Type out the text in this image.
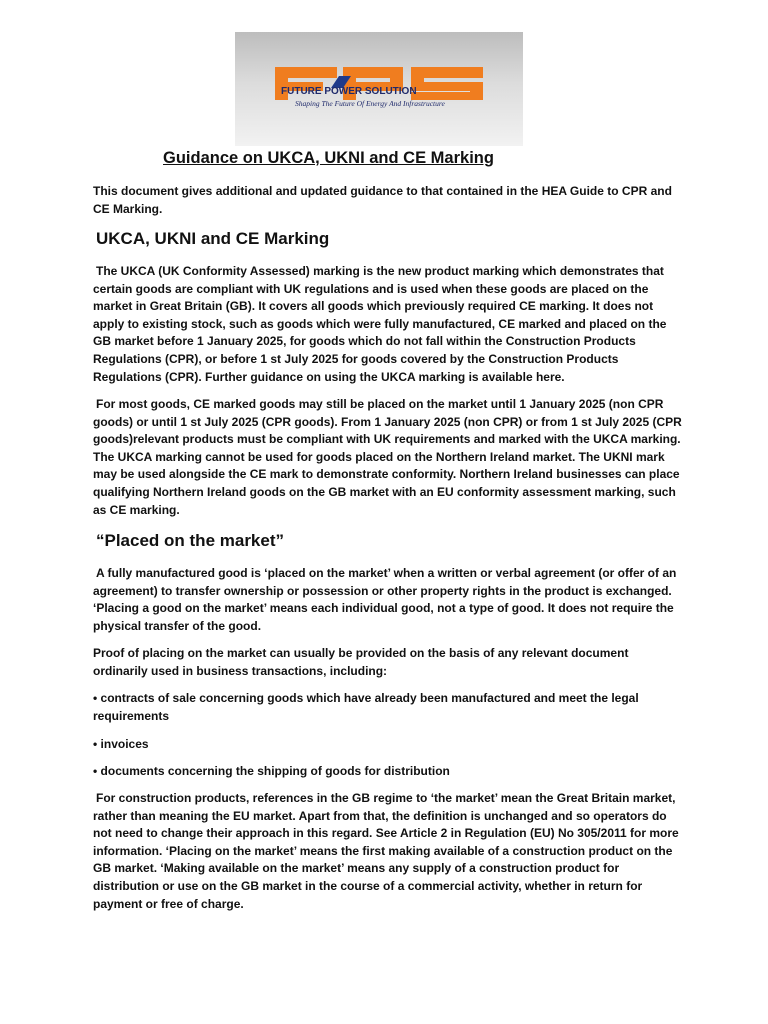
FUTURE POWER SOLUTION
Shaping The Future Of Energy And Infrastructure
Guidance on UKCA, UKNI and CE Marking

This document gives additional and updated guidance to that contained in the HEA Guide to CPR and CE Marking.

UKCA, UKNI and CE Marking

The UKCA (UK Conformity Assessed) marking is the new product marking which demonstrates that certain goods are compliant with UK regulations and is used when these goods are placed on the market in Great Britain (GB). It covers all goods which previously required CE marking. It does not apply to existing stock, such as goods which were fully manufactured, CE marked and placed on the GB market before 1 January 2025, for goods which do not fall within the Construction Products Regulations (CPR), or before 1 st July 2025 for goods covered by the Construction Products Regulations (CPR). Further guidance on using the UKCA marking is available here.

For most goods, CE marked goods may still be placed on the market until 1 January 2025 (non CPR goods) or until 1 st July 2025 (CPR goods). From 1 January 2025 (non CPR) or from 1 st July 2025 (CPR goods)relevant products must be compliant with UK requirements and marked with the UKCA marking. The UKCA marking cannot be used for goods placed on the Northern Ireland market. The UKNI mark may be used alongside the CE mark to demonstrate conformity. Northern Ireland businesses can place qualifying Northern Ireland goods on the GB market with an EU conformity assessment marking, such as CE marking.

“Placed on the market”

A fully manufactured good is ‘placed on the market’ when a written or verbal agreement (or offer of an agreement) to transfer ownership or possession or other property rights in the product is exchanged. ‘Placing a good on the market’ means each individual good, not a type of good. It does not require the physical transfer of the good.

Proof of placing on the market can usually be provided on the basis of any relevant document ordinarily used in business transactions, including:

• contracts of sale concerning goods which have already been manufactured and meet the legal requirements

• invoices

• documents concerning the shipping of goods for distribution

For construction products, references in the GB regime to ‘the market’ mean the Great Britain market, rather than meaning the EU market. Apart from that, the definition is unchanged and so operators do not need to change their approach in this regard. See Article 2 in Regulation (EU) No 305/2011 for more information. ‘Placing on the market’ means the first making available of a construction product on the GB market. ‘Making available on the market’ means any supply of a construction product for distribution or use on the GB market in the course of a commercial activity, whether in return for payment or free of charge.
